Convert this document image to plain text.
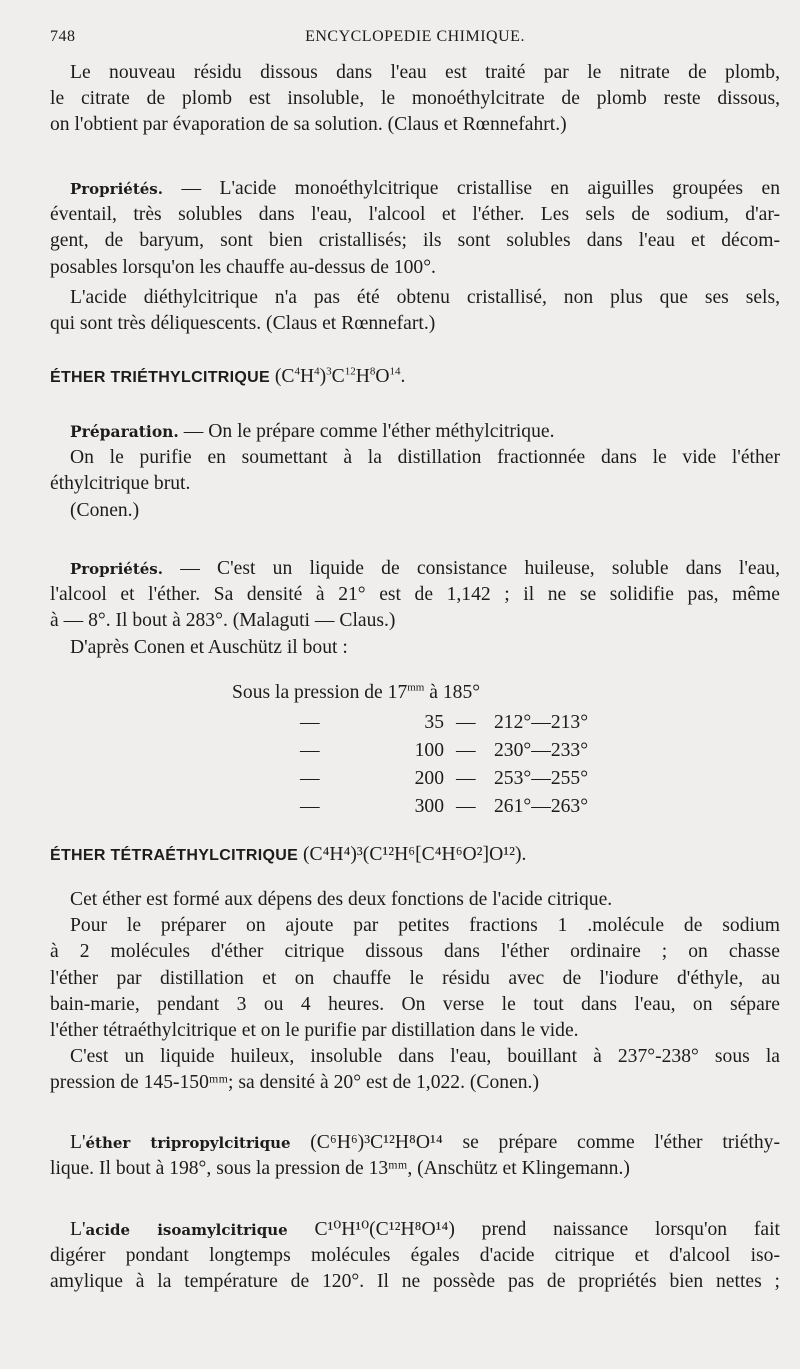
748	ENCYCLOPEDIE CHIMIQUE.
Le nouveau résidu dissous dans l'eau est traité par le nitrate de plomb,
le citrate de plomb est insoluble, le monoéthylcitrate de plomb reste dissous,
on l'obtient par évaporation de sa solution. (Claus et Rœnnefahrt.)
Propriétés. — L'acide monoéthylcitrique cristallise en aiguilles groupées en
éventail, très solubles dans l'eau, l'alcool et l'éther. Les sels de sodium, d'ar-
gent, de baryum, sont bien cristallisés; ils sont solubles dans l'eau et décom-
posables lorsqu'on les chauffe au-dessus de 100°.
L'acide diéthylcitrique n'a pas été obtenu cristallisé, non plus que ses sels,
qui sont très déliquescents. (Claus et Rœnnefart.)
ÉTHER TRIÉTHYLCITRIQUE $(C^4H^4)^3C^{12}H^8O^{14}$.
Préparation. — On le prépare comme l'éther méthylcitrique.
On le purifie en soumettant à la distillation fractionnée dans le vide l'éther
éthylcitrique brut.
(Conen.)
Propriétés. — C'est un liquide de consistance huileuse, soluble dans l'eau,
l'alcool et l'éther. Sa densité à 21° est de 1,142 ; il ne se solidifie pas, même
à — 8°. Il bout à 283°. (Malaguti — Claus.)
D'après Conen et Auschütz il bout :
Sous la pression de $17^{mm}$ à 185°
—	35 — 212°—213°
—	100 — 230°—233°
—	200 — 253°—255°
—	300 — 261°—263°
ÉTHER TÉTRAÉTHYLCITRIQUE (C⁴H⁴)³(C¹²H⁶[C⁴H⁶O²]O¹²).
Cet éther est formé aux dépens des deux fonctions de l'acide citrique.
Pour le préparer on ajoute par petites fractions 1 .molécule de sodium
à 2 molécules d'éther citrique dissous dans l'éther ordinaire ; on chasse
l'éther par distillation et on chauffe le résidu avec de l'iodure d'éthyle, au
bain-marie, pendant 3 ou 4 heures. On verse le tout dans l'eau, on sépare
l'éther tétraéthylcitrique et on le purifie par distillation dans le vide.
C'est un liquide huileux, insoluble dans l'eau, bouillant à 237°-238° sous la
pression de 145-150ᵐᵐ; sa densité à 20° est de 1,022. (Conen.)
L'éther tripropylcitrique (C⁶H⁶)³C¹²H⁸O¹⁴ se prépare comme l'éther triéthy-
lique. Il bout à 198°, sous la pression de 13ᵐᵐ, (Anschütz et Klingemann.)
L'acide isoamylcitrique C¹⁰H¹⁰(C¹²H⁸O¹⁴) prend naissance lorsqu'on fait
digérer pondant longtemps molécules égales d'acide citrique et d'alcool iso-
amylique à la température de 120°. Il ne possède pas de propriétés bien nettes ;
